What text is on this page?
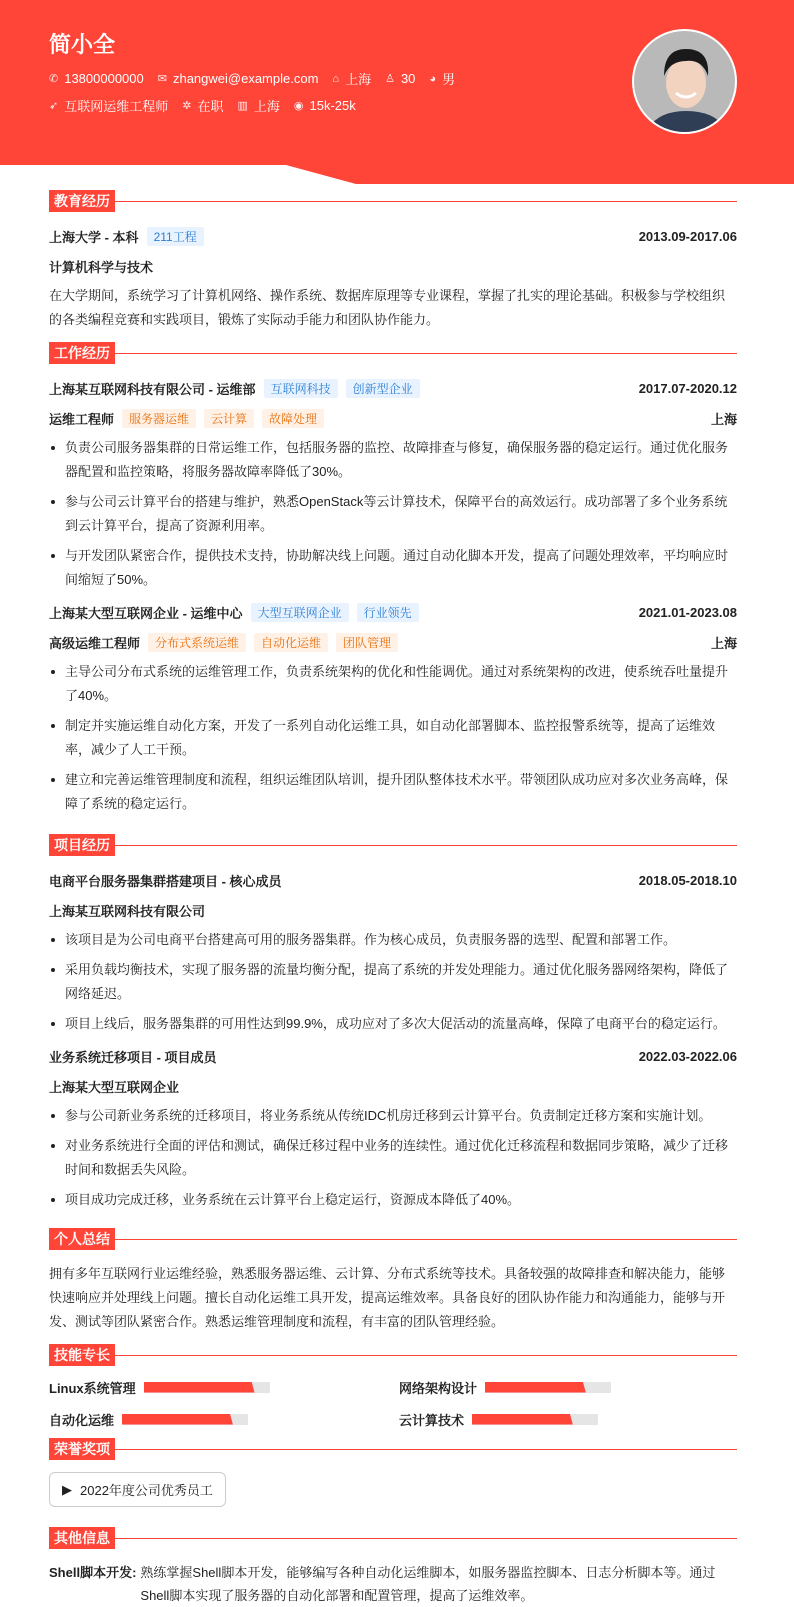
简小全
✆ 13800000000 ✉ zhangwei@example.com ⌂ 上海 ♙ 30 ◕ 男
➶ 互联网运维工程师 ✲ 在职 ▥ 上海 ◉ 15k-25k
教育经历
上海大学 - 本科	211工程	2013.09-2017.06
计算机科学与技术

在大学期间，系统学习了计算机网络、操作系统、数据库原理等专业课程，掌握了扎实的理论基础。积极参与学校组织的各类编程竞赛和实践项目，锻炼了实际动手能力和团队协作能力。

工作经历
上海某互联网科技有限公司 - 运维部	互联网科技	创新型企业	2017.07-2020.12
运维工程师	服务器运维	云计算	故障处理	上海
负责公司服务器集群的日常运维工作，包括服务器的监控、故障排查与修复，确保服务器的稳定运行。通过优化服务器配置和监控策略，将服务器故障率降低了30%。
参与公司云计算平台的搭建与维护，熟悉OpenStack等云计算技术，保障平台的高效运行。成功部署了多个业务系统到云计算平台，提高了资源利用率。
与开发团队紧密合作，提供技术支持，协助解决线上问题。通过自动化脚本开发，提高了问题处理效率，平均响应时间缩短了50%。
上海某大型互联网企业 - 运维中心	大型互联网企业	行业领先	2021.01-2023.08
高级运维工程师	分布式系统运维	自动化运维	团队管理	上海
主导公司分布式系统的运维管理工作，负责系统架构的优化和性能调优。通过对系统架构的改进，使系统吞吐量提升了40%。
制定并实施运维自动化方案，开发了一系列自动化运维工具，如自动化部署脚本、监控报警系统等，提高了运维效率，减少了人工干预。
建立和完善运维管理制度和流程，组织运维团队培训，提升团队整体技术水平。带领团队成功应对多次业务高峰，保障了系统的稳定运行。
项目经历
电商平台服务器集群搭建项目 - 核心成员	2018.05-2018.10
上海某互联网科技有限公司
该项目是为公司电商平台搭建高可用的服务器集群。作为核心成员，负责服务器的选型、配置和部署工作。
采用负载均衡技术，实现了服务器的流量均衡分配，提高了系统的并发处理能力。通过优化服务器网络架构，降低了网络延迟。
项目上线后，服务器集群的可用性达到99.9%，成功应对了多次大促活动的流量高峰，保障了电商平台的稳定运行。
业务系统迁移项目 - 项目成员	2022.03-2022.06
上海某大型互联网企业
参与公司新业务系统的迁移项目，将业务系统从传统IDC机房迁移到云计算平台。负责制定迁移方案和实施计划。
对业务系统进行全面的评估和测试，确保迁移过程中业务的连续性。通过优化迁移流程和数据同步策略，减少了迁移时间和数据丢失风险。
项目成功完成迁移，业务系统在云计算平台上稳定运行，资源成本降低了40%。
个人总结

拥有多年互联网行业运维经验，熟悉服务器运维、云计算、分布式系统等技术。具备较强的故障排查和解决能力，能够快速响应并处理线上问题。擅长自动化运维工具开发，提高运维效率。具备良好的团队协作能力和沟通能力，能够与开发、测试等团队紧密合作。熟悉运维管理制度和流程，有丰富的团队管理经验。

技能专长
Linux系统管理	网络架构设计
自动化运维	云计算技术
荣誉奖项
▶ 2022年度公司优秀员工
其他信息
Shell脚本开发: 熟练掌握Shell脚本开发，能够编写各种自动化运维脚本，如服务器监控脚本、日志分析脚本等。通过Shell脚本实现了服务器的自动化部署和配置管理，提高了运维效率。
